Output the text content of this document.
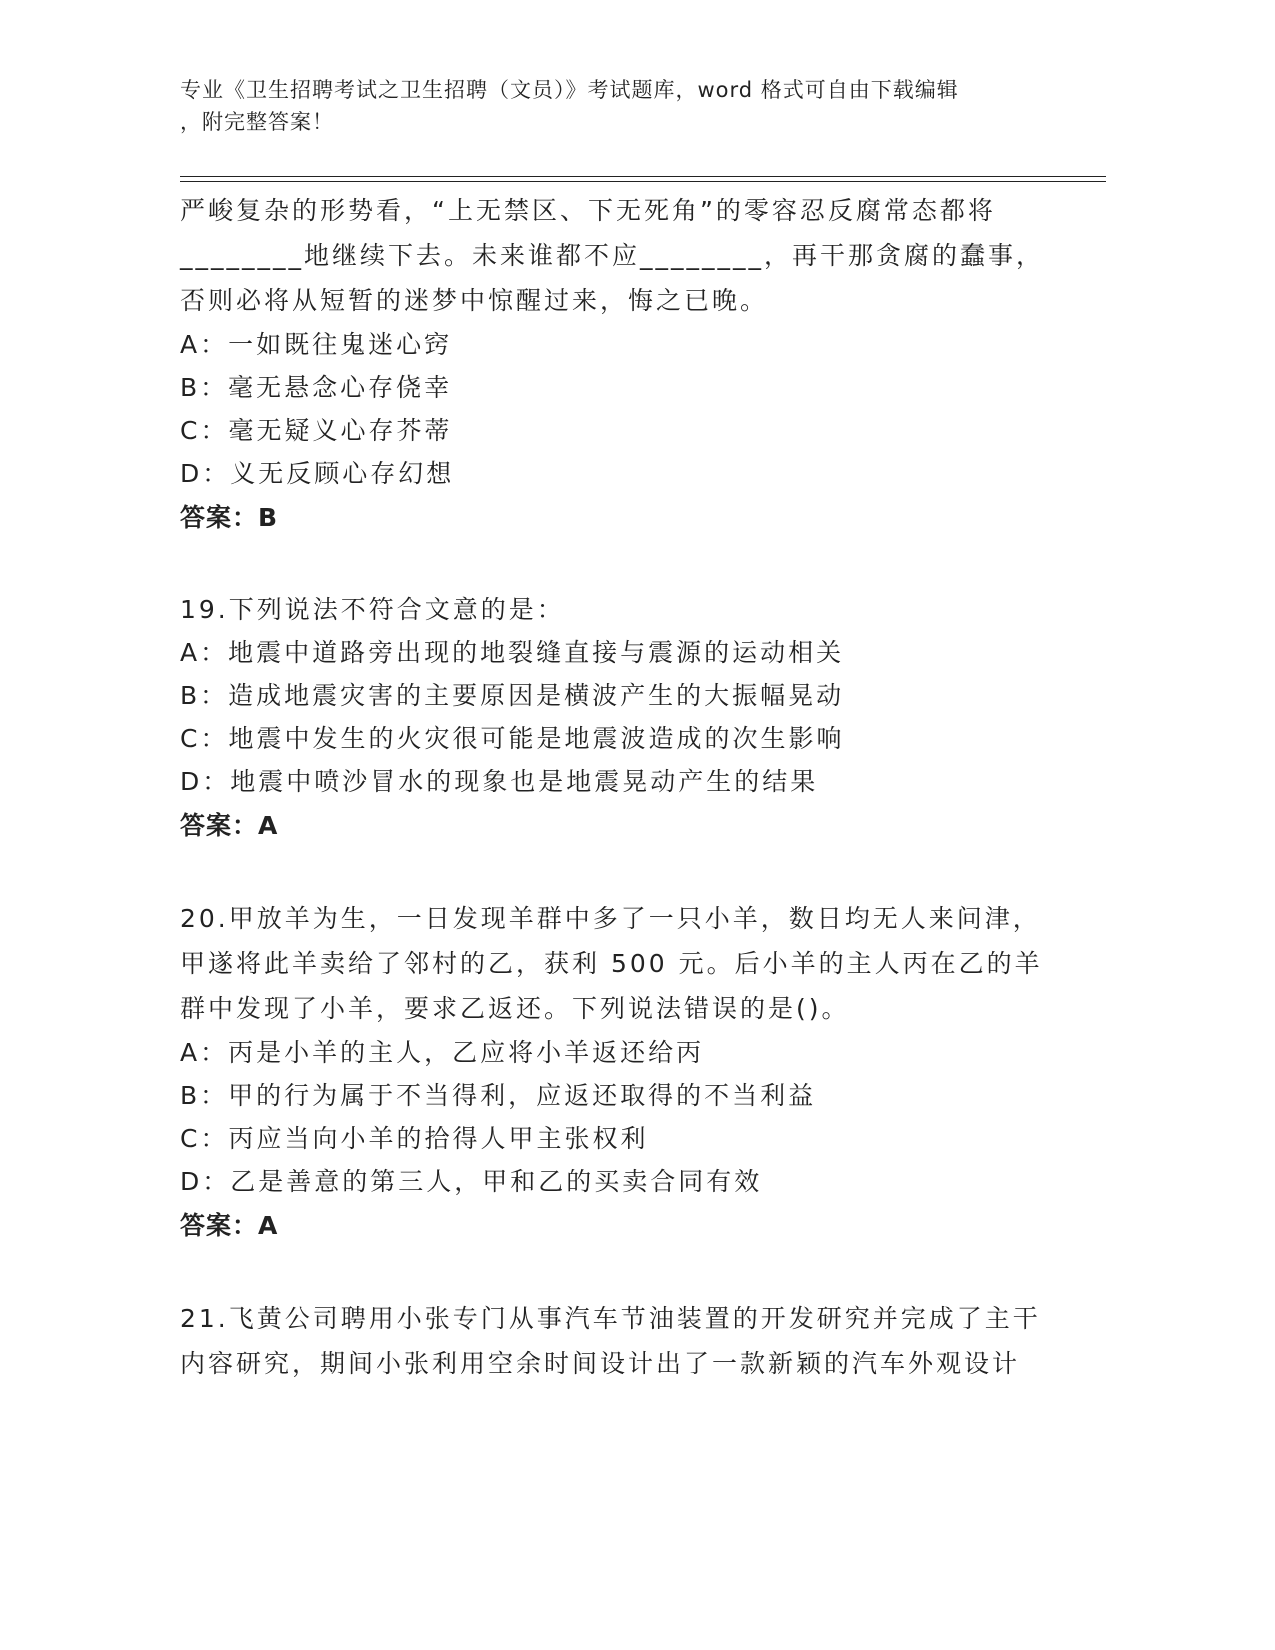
专业《卫生招聘考试之卫生招聘（文员）》考试题库，word 格式可自由下载编辑
，附完整答案！
严峻复杂的形势看，“上无禁区、下无死角”的零容忍反腐常态都将
________地继续下去。未来谁都不应________，再干那贪腐的蠢事，
否则必将从短暂的迷梦中惊醒过来，悔之已晚。
A：一如既往鬼迷心窍
B：毫无悬念心存侥幸
C：毫无疑义心存芥蒂
D：义无反顾心存幻想
答案：B
19.下列说法不符合文意的是：
A：地震中道路旁出现的地裂缝直接与震源的运动相关
B：造成地震灾害的主要原因是横波产生的大振幅晃动
C：地震中发生的火灾很可能是地震波造成的次生影响
D：地震中喷沙冒水的现象也是地震晃动产生的结果
答案：A
20.甲放羊为生，一日发现羊群中多了一只小羊，数日均无人来问津，
甲遂将此羊卖给了邻村的乙，获利 500 元。后小羊的主人丙在乙的羊
群中发现了小羊，要求乙返还。下列说法错误的是()。
A：丙是小羊的主人，乙应将小羊返还给丙
B：甲的行为属于不当得利，应返还取得的不当利益
C：丙应当向小羊的拾得人甲主张权利
D：乙是善意的第三人，甲和乙的买卖合同有效
答案：A
21.飞黄公司聘用小张专门从事汽车节油装置的开发研究并完成了主干
内容研究，期间小张利用空余时间设计出了一款新颖的汽车外观设计
